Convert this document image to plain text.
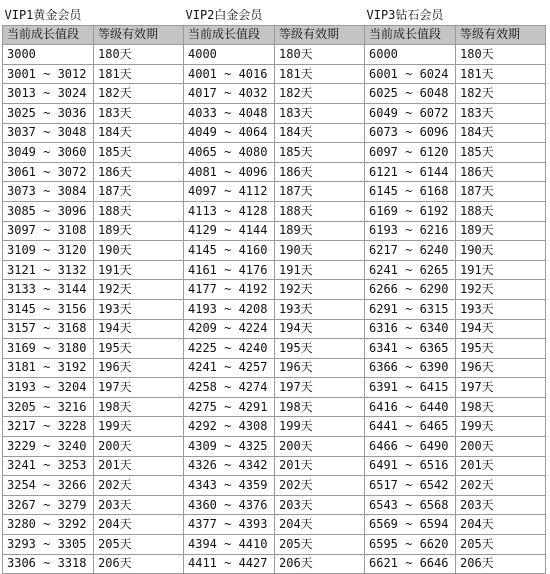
VIP1黄金会员		VIP2白金会员		VIP3钻石会员	
当前成长值段	等级有效期	当前成长值段	等级有效期	当前成长值段	等级有效期
3000	180天	4000	180天	6000	180天
3001 ~ 3012	181天	4001 ~ 4016	181天	6001 ~ 6024	181天
3013 ~ 3024	182天	4017 ~ 4032	182天	6025 ~ 6048	182天
3025 ~ 3036	183天	4033 ~ 4048	183天	6049 ~ 6072	183天
3037 ~ 3048	184天	4049 ~ 4064	184天	6073 ~ 6096	184天
3049 ~ 3060	185天	4065 ~ 4080	185天	6097 ~ 6120	185天
3061 ~ 3072	186天	4081 ~ 4096	186天	6121 ~ 6144	186天
3073 ~ 3084	187天	4097 ~ 4112	187天	6145 ~ 6168	187天
3085 ~ 3096	188天	4113 ~ 4128	188天	6169 ~ 6192	188天
3097 ~ 3108	189天	4129 ~ 4144	189天	6193 ~ 6216	189天
3109 ~ 3120	190天	4145 ~ 4160	190天	6217 ~ 6240	190天
3121 ~ 3132	191天	4161 ~ 4176	191天	6241 ~ 6265	191天
3133 ~ 3144	192天	4177 ~ 4192	192天	6266 ~ 6290	192天
3145 ~ 3156	193天	4193 ~ 4208	193天	6291 ~ 6315	193天
3157 ~ 3168	194天	4209 ~ 4224	194天	6316 ~ 6340	194天
3169 ~ 3180	195天	4225 ~ 4240	195天	6341 ~ 6365	195天
3181 ~ 3192	196天	4241 ~ 4257	196天	6366 ~ 6390	196天
3193 ~ 3204	197天	4258 ~ 4274	197天	6391 ~ 6415	197天
3205 ~ 3216	198天	4275 ~ 4291	198天	6416 ~ 6440	198天
3217 ~ 3228	199天	4292 ~ 4308	199天	6441 ~ 6465	199天
3229 ~ 3240	200天	4309 ~ 4325	200天	6466 ~ 6490	200天
3241 ~ 3253	201天	4326 ~ 4342	201天	6491 ~ 6516	201天
3254 ~ 3266	202天	4343 ~ 4359	202天	6517 ~ 6542	202天
3267 ~ 3279	203天	4360 ~ 4376	203天	6543 ~ 6568	203天
3280 ~ 3292	204天	4377 ~ 4393	204天	6569 ~ 6594	204天
3293 ~ 3305	205天	4394 ~ 4410	205天	6595 ~ 6620	205天
3306 ~ 3318	206天	4411 ~ 4427	206天	6621 ~ 6646	206天
